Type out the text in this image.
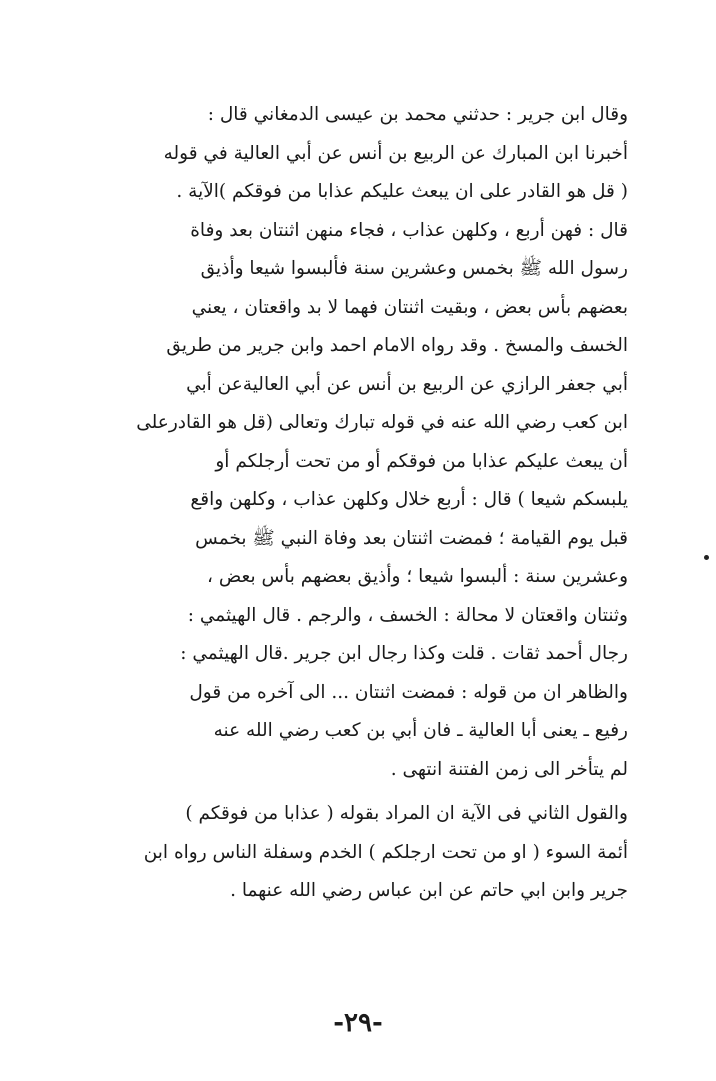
وقال ابن جرير : حدثني محمد بن عيسى الدمغاني قال :
أخبرنا ابن المبارك عن الربيع بن أنس عن أبي العالية في قوله
( قل هو القادر على ان يبعث عليكم عذابا من فوقكم )الآية .
قال : فهن أربع ، وكلهن عذاب ، فجاء منهن اثنتان بعد وفاة
رسول الله ﷺ بخمس وعشرين سنة فألبسوا شيعا وأذيق
بعضهم بأس بعض ، وبقيت اثنتان فهما لا بد واقعتان ، يعني
الخسف والمسخ . وقد رواه الامام احمد وابن جرير من طريق
أبي جعفر الرازي عن الربيع بن أنس عن أبي العاليةعن أبي
ابن كعب رضي الله عنه في قوله تبارك وتعالى (قل هو القادرعلى
أن يبعث عليكم عذابا من فوقكم أو من تحت أرجلكم أو
يلبسكم شيعا ) قال : أربع خلال وكلهن عذاب ، وكلهن واقع
قبل يوم القيامة ؛ فمضت اثنتان بعد وفاة النبي ﷺ بخمس
وعشرين سنة : ألبسوا شيعا ؛ وأذيق بعضهم بأس بعض ،
وثنتان واقعتان لا محالة : الخسف ، والرجم . قال الهيثمي :
رجال أحمد ثقات . قلت وكذا رجال ابن جرير .قال الهيثمي :
والظاهر ان من قوله : فمضت اثنتان ... الى آخره من قول
رفيع ـ يعنى أبا العالية ـ فان أبي بن كعب رضي الله عنه
لم يتأخر الى زمن الفتنة انتهى .
والقول الثاني فى الآية ان المراد بقوله ( عذابا من فوقكم )
أئمة السوء ( او من تحت ارجلكم ) الخدم وسفلة الناس رواه ابن
جرير وابن ابي حاتم عن ابن عباس رضي الله عنهما .
-٢٩-
